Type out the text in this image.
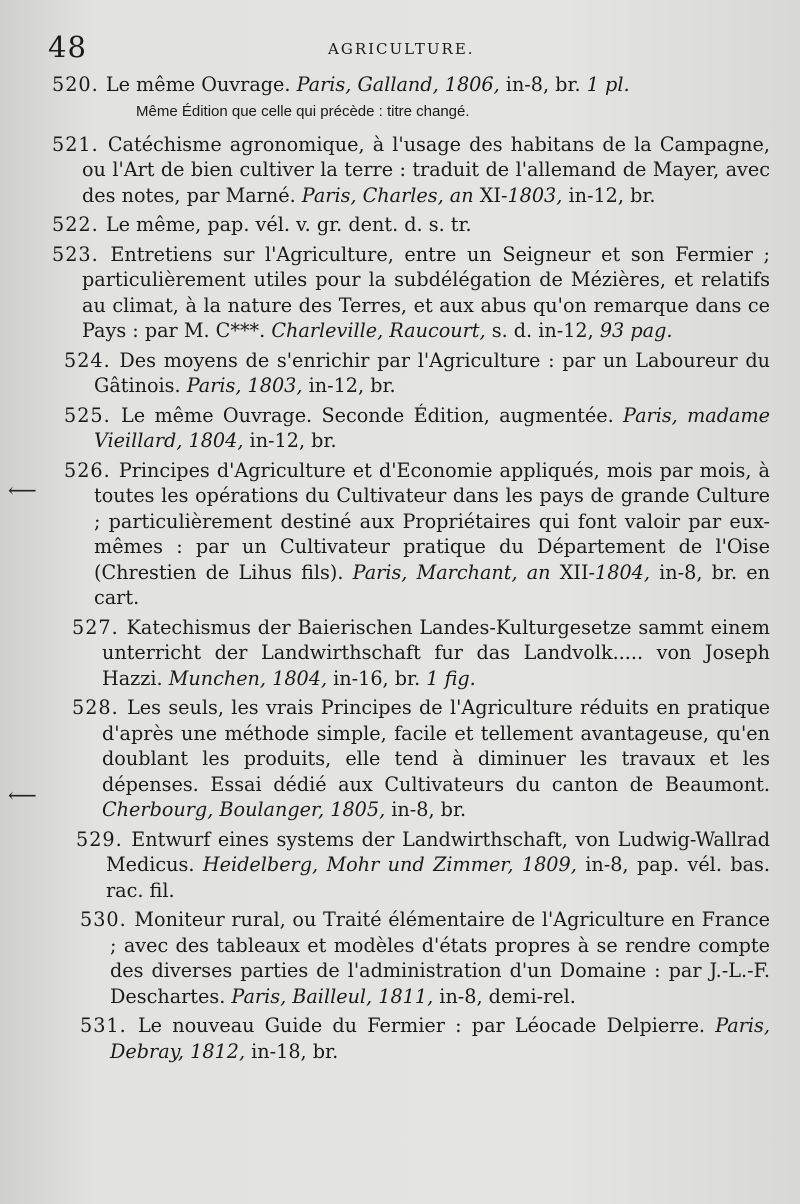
48	AGRICULTURE.
⟵
⟵

520. Le même Ouvrage. Paris, Galland, 1806, in-8, br. 1 pl.

Même Édition que celle qui précède : titre changé.

521. Catéchisme agronomique, à l'usage des habitans de la Campagne, ou l'Art de bien cultiver la terre : traduit de l'allemand de Mayer, avec des notes, par Marné. Paris, Charles, an XI-1803, in-12, br.

522. Le même, pap. vél. v. gr. dent. d. s. tr.

523. Entretiens sur l'Agriculture, entre un Seigneur et son Fermier ; particulièrement utiles pour la subdélégation de Mézières, et relatifs au climat, à la nature des Terres, et aux abus qu'on remarque dans ce Pays : par M. C***. Charleville, Raucourt, s. d. in-12, 93 pag.

524. Des moyens de s'enrichir par l'Agriculture : par un Laboureur du Gâtinois. Paris, 1803, in-12, br.

525. Le même Ouvrage. Seconde Édition, augmentée. Paris, madame Vieillard, 1804, in-12, br.

526. Principes d'Agriculture et d'Economie appliqués, mois par mois, à toutes les opérations du Cultivateur dans les pays de grande Culture ; particulièrement destiné aux Propriétaires qui font valoir par eux-mêmes : par un Cultivateur pratique du Département de l'Oise (Chrestien de Lihus fils). Paris, Marchant, an XII-1804, in-8, br. en cart.

527. Katechismus der Baierischen Landes-Kulturgesetze sammt einem unterricht der Landwirthschaft fur das Landvolk..... von Joseph Hazzi. Munchen, 1804, in-16, br. 1 fig.

528. Les seuls, les vrais Principes de l'Agriculture réduits en pratique d'après une méthode simple, facile et tellement avantageuse, qu'en doublant les produits, elle tend à diminuer les travaux et les dépenses. Essai dédié aux Cultivateurs du canton de Beaumont. Cherbourg, Boulanger, 1805, in-8, br.

529. Entwurf eines systems der Landwirthschaft, von Ludwig-Wallrad Medicus. Heidelberg, Mohr und Zimmer, 1809, in-8, pap. vél. bas. rac. fil.

530. Moniteur rural, ou Traité élémentaire de l'Agriculture en France ; avec des tableaux et modèles d'états propres à se rendre compte des diverses parties de l'administration d'un Domaine : par J.-L.-F. Deschartes. Paris, Bailleul, 1811, in-8, demi-rel.

531. Le nouveau Guide du Fermier : par Léocade Delpierre. Paris, Debray, 1812, in-18, br.
